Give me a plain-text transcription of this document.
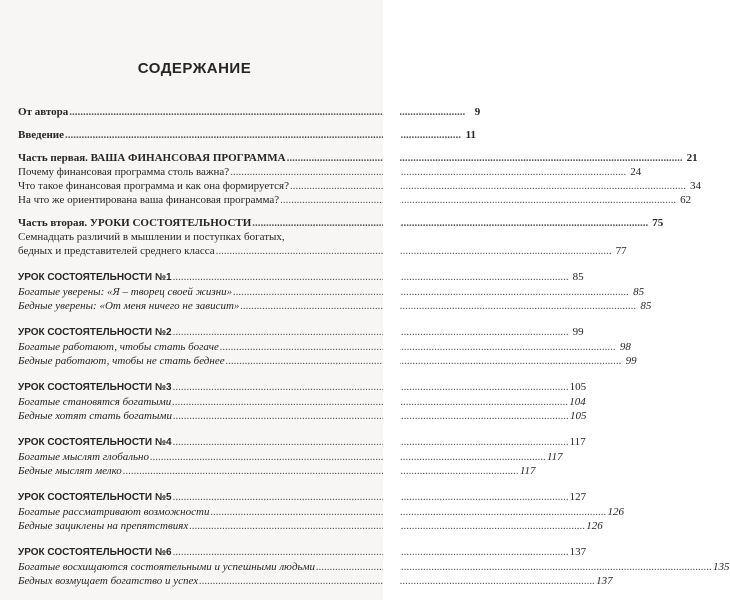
СОДЕРЖАНИЕ
От автора .....	9
Введение .....	11
Часть первая. ВАША ФИНАНСОВАЯ ПРОГРАММА .....	21
Почему финансовая программа столь важна? .....	24
Что такое финансовая программа и как она формируется? .....	34
На что же ориентирована ваша финансовая программа? .....	62
Часть вторая. УРОКИ СОСТОЯТЕЛЬНОСТИ .....	75
Семнадцать различий в мышлении и поступках богатых,
бедных и представителей среднего класса .....	77
УРОК СОСТОЯТЕЛЬНОСТИ №1 .....	85
Богатые уверены: «Я – творец своей жизни» .....	85
Бедные уверены: «От меня ничего не зависит» .....	85
УРОК СОСТОЯТЕЛЬНОСТИ №2 .....	99
Богатые работают, чтобы стать богаче .....	98
Бедные работают, чтобы не стать беднее .....	99
УРОК СОСТОЯТЕЛЬНОСТИ №3 .....	105
Богатые становятся богатыми .....	104
Бедные хотят стать богатыми .....	105
УРОК СОСТОЯТЕЛЬНОСТИ №4 .....	117
Богатые мыслят глобально .....	117
Бедные мыслят мелко .....	117
УРОК СОСТОЯТЕЛЬНОСТИ №5 .....	127
Богатые рассматривают возможности .....	126
Бедные зациклены на препятствиях .....	126
УРОК СОСТОЯТЕЛЬНОСТИ №6 .....	137
Богатые восхищаются состоятельными и успешными людьми .....	135
Бедных возмущает богатство и успех .....	137
